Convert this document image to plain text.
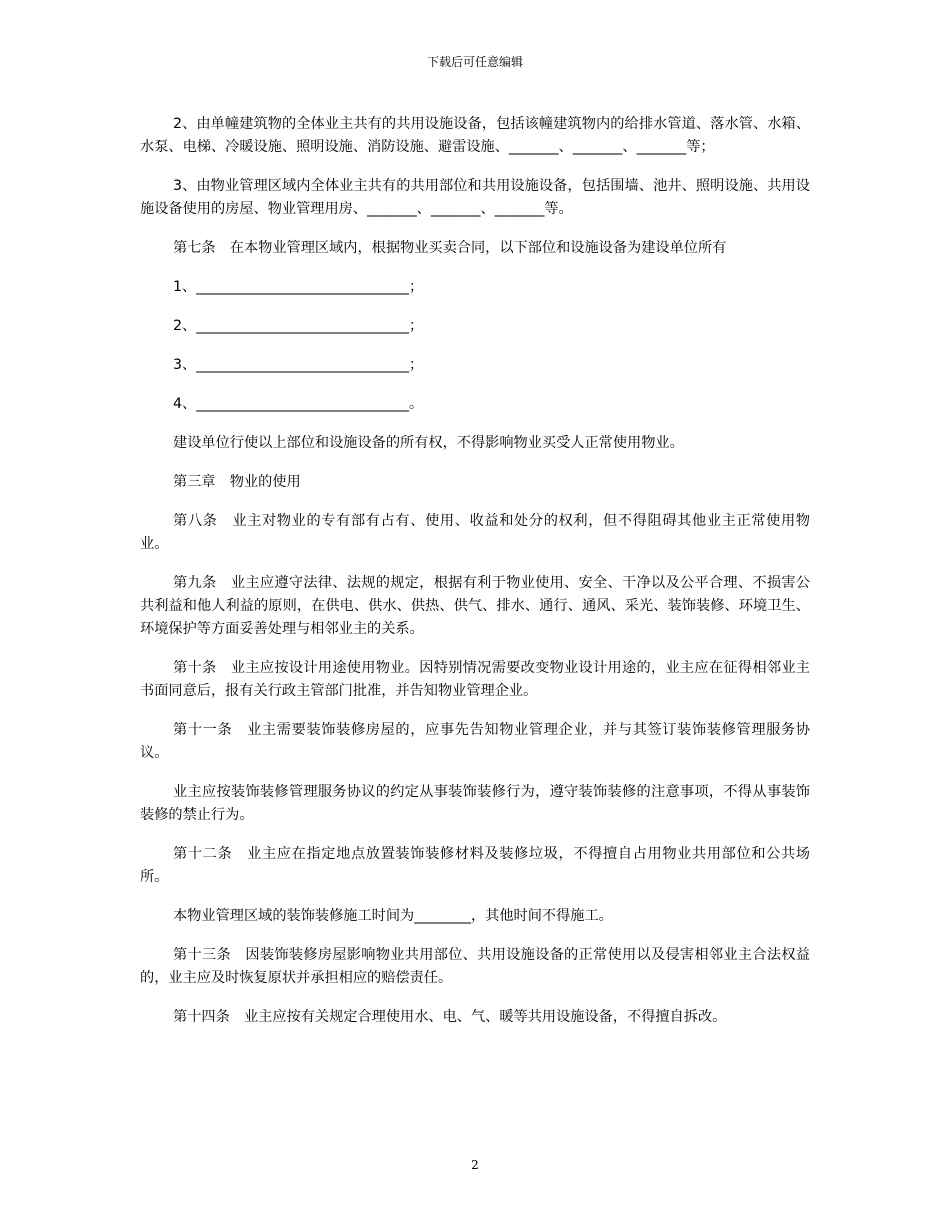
下载后可任意编辑

2、由单幢建筑物的全体业主共有的共用设施设备，包括该幢建筑物内的给排水管道、落水管、水箱、水泵、电梯、冷暖设施、照明设施、消防设施、避雷设施、_______、_______、_______等；

3、由物业管理区域内全体业主共有的共用部位和共用设施设备，包括围墙、池井、照明设施、共用设施设备使用的房屋、物业管理用房、_______、_______、_______等。

第七条　在本物业管理区域内，根据物业买卖合同，以下部位和设施设备为建设单位所有

1、______________________________；

2、______________________________；

3、______________________________；

4、______________________________。

建设单位行使以上部位和设施设备的所有权，不得影响物业买受人正常使用物业。

第三章　物业的使用

第八条　业主对物业的专有部有占有、使用、收益和处分的权利，但不得阻碍其他业主正常使用物业。

第九条　业主应遵守法律、法规的规定，根据有利于物业使用、安全、干净以及公平合理、不损害公共利益和他人利益的原则，在供电、供水、供热、供气、排水、通行、通风、采光、装饰装修、环境卫生、环境保护等方面妥善处理与相邻业主的关系。

第十条　业主应按设计用途使用物业。因特别情况需要改变物业设计用途的，业主应在征得相邻业主书面同意后，报有关行政主管部门批准，并告知物业管理企业。

第十一条　业主需要装饰装修房屋的，应事先告知物业管理企业，并与其签订装饰装修管理服务协议。

业主应按装饰装修管理服务协议的约定从事装饰装修行为，遵守装饰装修的注意事项，不得从事装饰装修的禁止行为。

第十二条　业主应在指定地点放置装饰装修材料及装修垃圾，不得擅自占用物业共用部位和公共场所。

本物业管理区域的装饰装修施工时间为________，其他时间不得施工。

第十三条　因装饰装修房屋影响物业共用部位、共用设施设备的正常使用以及侵害相邻业主合法权益的，业主应及时恢复原状并承担相应的赔偿责任。

第十四条　业主应按有关规定合理使用水、电、气、暖等共用设施设备，不得擅自拆改。

2
